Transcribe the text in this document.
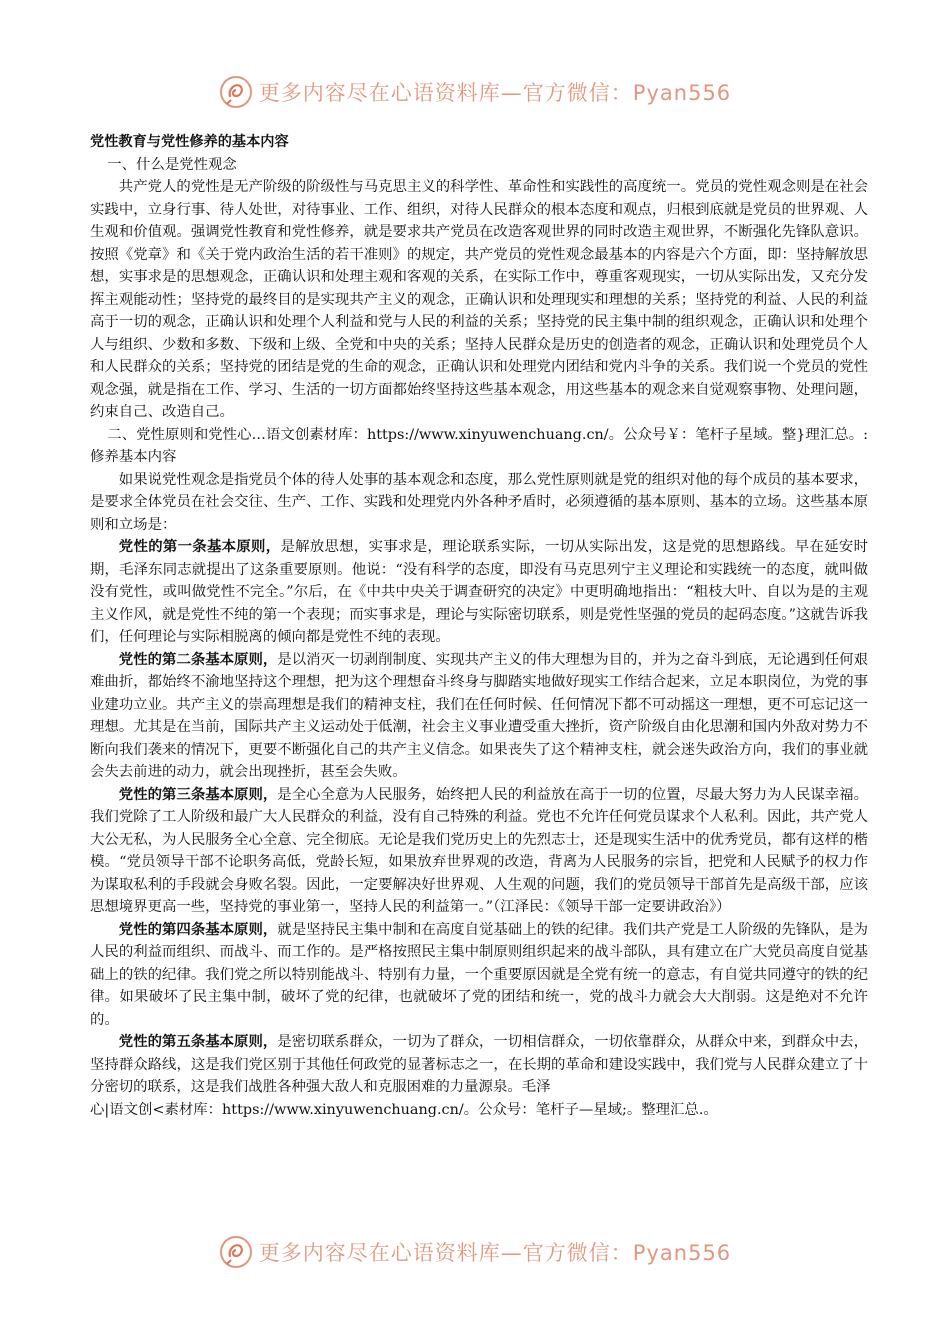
更多内容尽在心语资料库—官方微信：Pyan556

党性教育与党性修养的基本内容

一、什么是党性观念

共产党人的党性是无产阶级的阶级性与马克思主义的科学性、革命性和实践性的高度统一。党员的党性观念则是在社会实践中，立身行事、待人处世，对待事业、工作、组织，对待人民群众的根本态度和观点，归根到底就是党员的世界观、人生观和价值观。强调党性教育和党性修养，就是要求共产党员在改造客观世界的同时改造主观世界，不断强化先锋队意识。按照《党章》和《关于党内政治生活的若干准则》的规定，共产党员的党性观念最基本的内容是六个方面，即：坚持解放思想，实事求是的思想观念，正确认识和处理主观和客观的关系，在实际工作中，尊重客观现实，一切从实际出发，又充分发挥主观能动性；坚持党的最终目的是实现共产主义的观念，正确认识和处理现实和理想的关系；坚持党的利益、人民的利益高于一切的观念，正确认识和处理个人利益和党与人民的利益的关系；坚持党的民主集中制的组织观念，正确认识和处理个人与组织、少数和多数、下级和上级、全党和中央的关系；坚持人民群众是历史的创造者的观念，正确认识和处理党员个人和人民群众的关系；坚持党的团结是党的生命的观念，正确认识和处理党内团结和党内斗争的关系。我们说一个党员的党性观念强，就是指在工作、学习、生活的一切方面都始终坚持这些基本观念，用这些基本的观念来自觉观察事物、处理问题，约束自己、改造自己。

二、党性原则和党性心…语文创素材库：https://www.xinyuwenchuang.cn/。公众号￥：笔杆子星域。整}理汇总。:修养基本内容

如果说党性观念是指党员个体的待人处事的基本观念和态度，那么党性原则就是党的组织对他的每个成员的基本要求，是要求全体党员在社会交往、生产、工作、实践和处理党内外各种矛盾时，必须遵循的基本原则、基本的立场。这些基本原则和立场是：

党性的第一条基本原则，是解放思想，实事求是，理论联系实际，一切从实际出发，这是党的思想路线。早在延安时期，毛泽东同志就提出了这条重要原则。他说：“没有科学的态度，即没有马克思列宁主义理论和实践统一的态度，就叫做没有党性，或叫做党性不完全。”尔后，在《中共中央关于调查研究的决定》中更明确地指出：“粗枝大叶、自以为是的主观主义作风，就是党性不纯的第一个表现；而实事求是，理论与实际密切联系，则是党性坚强的党员的起码态度。”这就告诉我们，任何理论与实际相脱离的倾向都是党性不纯的表现。

党性的第二条基本原则，是以消灭一切剥削制度、实现共产主义的伟大理想为目的，并为之奋斗到底，无论遇到任何艰难曲折，都始终不渝地坚持这个理想，把为这个理想奋斗终身与脚踏实地做好现实工作结合起来，立足本职岗位，为党的事业建功立业。共产主义的崇高理想是我们的精神支柱，我们在任何时候、任何情况下都不可动摇这一理想，更不可忘记这一理想。尤其是在当前，国际共产主义运动处于低潮，社会主义事业遭受重大挫折，资产阶级自由化思潮和国内外敌对势力不断向我们袭来的情况下，更要不断强化自己的共产主义信念。如果丧失了这个精神支柱，就会迷失政治方向，我们的事业就会失去前进的动力，就会出现挫折，甚至会失败。

党性的第三条基本原则，是全心全意为人民服务，始终把人民的利益放在高于一切的位置，尽最大努力为人民谋幸福。我们党除了工人阶级和最广大人民群众的利益，没有自己特殊的利益。党也不允许任何党员谋求个人私利。因此，共产党人大公无私，为人民服务全心全意、完全彻底。无论是我们党历史上的先烈志士，还是现实生活中的优秀党员，都有这样的楷模。“党员领导干部不论职务高低，党龄长短，如果放弃世界观的改造，背离为人民服务的宗旨，把党和人民赋予的权力作为谋取私利的手段就会身败名裂。因此，一定要解决好世界观、人生观的问题，我们的党员领导干部首先是高级干部，应该思想境界更高一些，坚持党的事业第一，坚持人民的利益第一。”（江泽民：《领导干部一定要讲政治》）

党性的第四条基本原则，就是坚持民主集中制和在高度自觉基础上的铁的纪律。我们共产党是工人阶级的先锋队，是为人民的利益而组织、而战斗、而工作的。是严格按照民主集中制原则组织起来的战斗部队，具有建立在广大党员高度自觉基础上的铁的纪律。我们党之所以特别能战斗、特别有力量，一个重要原因就是全党有统一的意志，有自觉共同遵守的铁的纪律。如果破坏了民主集中制，破坏了党的纪律，也就破坏了党的团结和统一，党的战斗力就会大大削弱。这是绝对不允许的。

党性的第五条基本原则，是密切联系群众，一切为了群众，一切相信群众，一切依靠群众，从群众中来，到群众中去，坚持群众路线，这是我们党区别于其他任何政党的显著标志之一，在长期的革命和建设实践中，我们党与人民群众建立了十分密切的联系，这是我们战胜各种强大敌人和克服困难的力量源泉。毛泽

心|语文创<素材库：https://www.xinyuwenchuang.cn/。公众号：笔杆子—星域;。整理汇总.。

更多内容尽在心语资料库—官方微信：Pyan556
